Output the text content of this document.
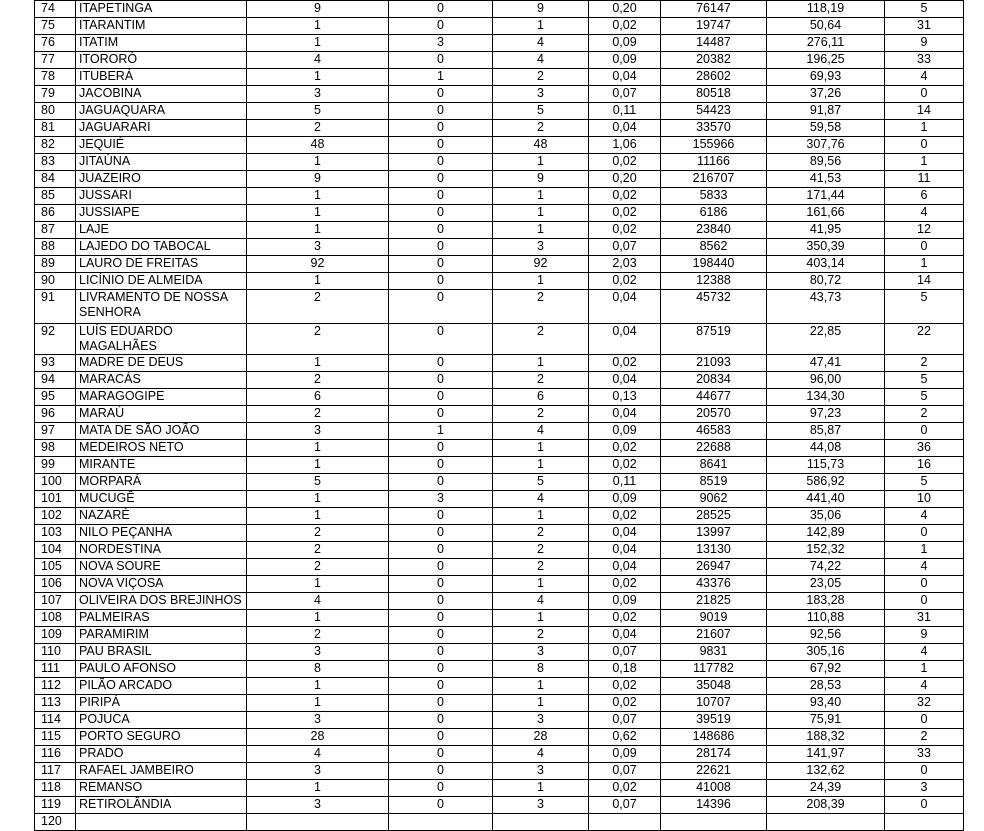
74	ITAPETINGA	9	0	9	0,20	76147	118,19	5
75	ITARANTIM	1	0	1	0,02	19747	50,64	31
76	ITATIM	1	3	4	0,09	14487	276,11	9
77	ITORORÓ	4	0	4	0,09	20382	196,25	33
78	ITUBERÁ	1	1	2	0,04	28602	69,93	4
79	JACOBINA	3	0	3	0,07	80518	37,26	0
80	JAGUAQUARA	5	0	5	0,11	54423	91,87	14
81	JAGUARARI	2	0	2	0,04	33570	59,58	1
82	JEQUIÉ	48	0	48	1,06	155966	307,76	0
83	JITAÚNA	1	0	1	0,02	11166	89,56	1
84	JUAZEIRO	9	0	9	0,20	216707	41,53	11
85	JUSSARI	1	0	1	0,02	5833	171,44	6
86	JUSSIAPE	1	0	1	0,02	6186	161,66	4
87	LAJE	1	0	1	0,02	23840	41,95	12
88	LAJEDO DO TABOCAL	3	0	3	0,07	8562	350,39	0
89	LAURO DE FREITAS	92	0	92	2,03	198440	403,14	1
90	LICÍNIO DE ALMEIDA	1	0	1	0,02	12388	80,72	14
91	LIVRAMENTO DE NOSSA SENHORA	2	0	2	0,04	45732	43,73	5
92	LUÍS EDUARDO MAGALHÃES	2	0	2	0,04	87519	22,85	22
93	MADRE DE DEUS	1	0	1	0,02	21093	47,41	2
94	MARACÁS	2	0	2	0,04	20834	96,00	5
95	MARAGOGIPE	6	0	6	0,13	44677	134,30	5
96	MARAÚ	2	0	2	0,04	20570	97,23	2
97	MATA DE SÃO JOÃO	3	1	4	0,09	46583	85,87	0
98	MEDEIROS NETO	1	0	1	0,02	22688	44,08	36
99	MIRANTE	1	0	1	0,02	8641	115,73	16
100	MORPARÁ	5	0	5	0,11	8519	586,92	5
101	MUCUGÊ	1	3	4	0,09	9062	441,40	10
102	NAZARÉ	1	0	1	0,02	28525	35,06	4
103	NILO PEÇANHA	2	0	2	0,04	13997	142,89	0
104	NORDESTINA	2	0	2	0,04	13130	152,32	1
105	NOVA SOURE	2	0	2	0,04	26947	74,22	4
106	NOVA VIÇOSA	1	0	1	0,02	43376	23,05	0
107	OLIVEIRA DOS BREJINHOS	4	0	4	0,09	21825	183,28	0
108	PALMEIRAS	1	0	1	0,02	9019	110,88	31
109	PARAMIRIM	2	0	2	0,04	21607	92,56	9
110	PAU BRASIL	3	0	3	0,07	9831	305,16	4
111	PAULO AFONSO	8	0	8	0,18	117782	67,92	1
112	PILÃO ARCADO	1	0	1	0,02	35048	28,53	4
113	PIRIPÁ	1	0	1	0,02	10707	93,40	32
114	POJUCA	3	0	3	0,07	39519	75,91	0
115	PORTO SEGURO	28	0	28	0,62	148686	188,32	2
116	PRADO	4	0	4	0,09	28174	141,97	33
117	RAFAEL JAMBEIRO	3	0	3	0,07	22621	132,62	0
118	REMANSO	1	0	1	0,02	41008	24,39	3
119	RETIROLÂNDIA	3	0	3	0,07	14396	208,39	0
120								
